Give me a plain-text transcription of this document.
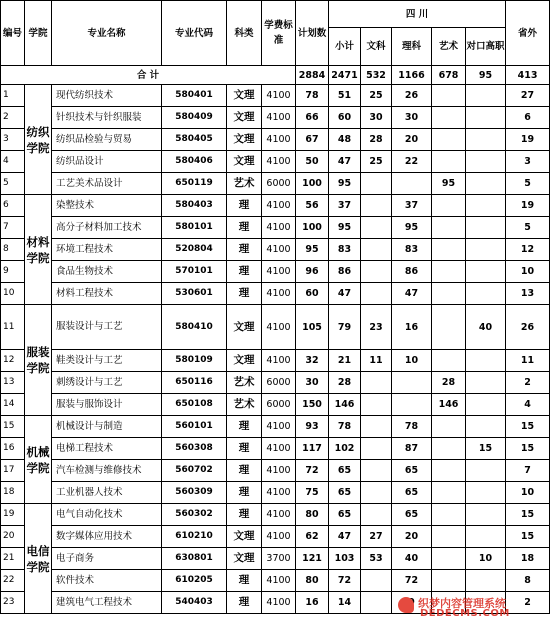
编号	学院	专业名称	专业代码	科类	学费标准	计划数	四 川					省外
							小计	文科	理科	艺术	对口高职	
合 计						2884	2471	532	1166	678	95	413
1	纺织学院	现代纺织技术	580401	文理	4100	78	51	25	26			27
2		针织技术与针织服装	580409	文理	4100	66	60	30	30			6
3		纺织品检验与贸易	580405	文理	4100	67	48	28	20			19
4		纺织品设计	580406	文理	4100	50	47	25	22			3
5		工艺美术品设计	650119	艺术	6000	100	95			95		5
6	材料学院	染整技术	580403	理	4100	56	37		37			19
7		高分子材料加工技术	580101	理	4100	100	95		95			5
8		环境工程技术	520804	理	4100	95	83		83			12
9		食品生物技术	570101	理	4100	96	86		86			10
10		材料工程技术	530601	理	4100	60	47		47			13
11	服装学院	服装设计与工艺	580410	文理	4100	105	79	23	16		40	26
12		鞋类设计与工艺	580109	文理	4100	32	21	11	10			11
13		刺绣设计与工艺	650116	艺术	6000	30	28			28		2
14		服装与服饰设计	650108	艺术	6000	150	146			146		4
15	机械学院	机械设计与制造	560101	理	4100	93	78		78			15
16		电梯工程技术	560308	理	4100	117	102		87		15	15
17		汽车检测与维修技术	560702	理	4100	72	65		65			7
18		工业机器人技术	560309	理	4100	75	65		65			10
19	电信学院	电气自动化技术	560302	理	4100	80	65		65			15
20		数字媒体应用技术	610210	文理	4100	62	47	27	20			15
21		电子商务	630801	文理	3700	121	103	53	40		10	18
22		软件技术	610205	理	4100	80	72		72			8
23		建筑电气工程技术	540403	理	4100	16	14					2
织梦内容管理系统
DEDECMS.COM
